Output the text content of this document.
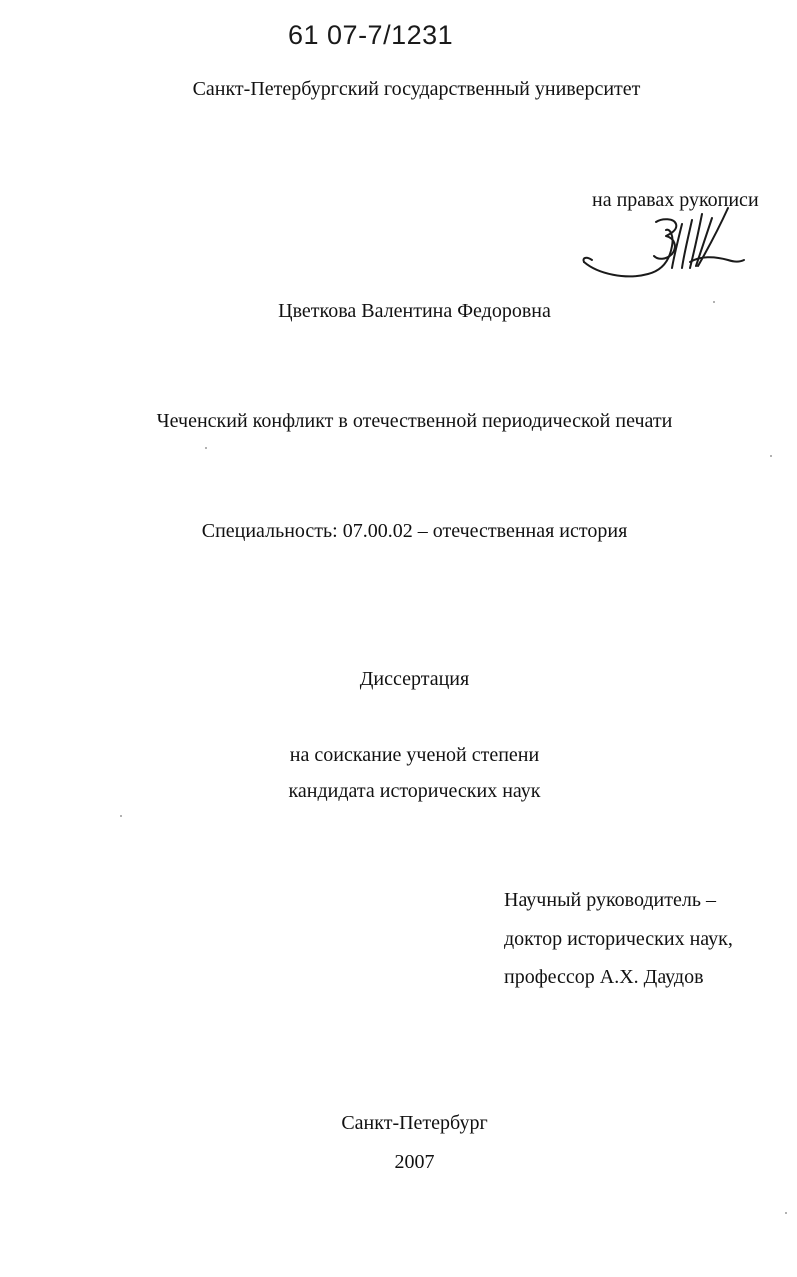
61 07-7/1231
Санкт-Петербургский государственный университет
на правах рукописи
Цветкова Валентина Федоровна
Чеченский конфликт в отечественной периодической печати
Специальность: 07.00.02 – отечественная история
Диссертация
на соискание ученой степени
кандидата исторических наук
Научный руководитель –
доктор исторических наук,
профессор А.Х. Даудов
Санкт-Петербург
2007
